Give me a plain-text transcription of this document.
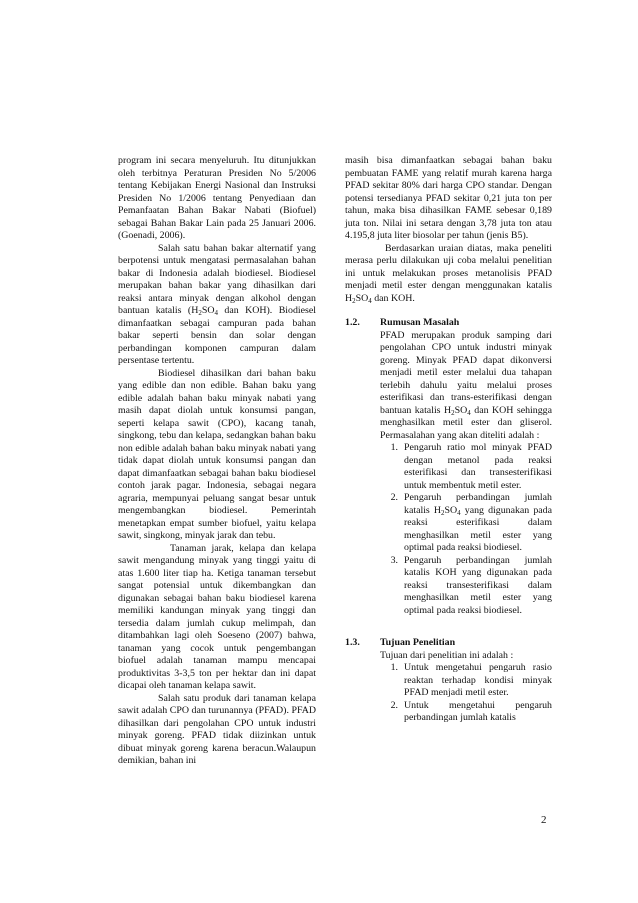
program ini secara menyeluruh. Itu ditunjukkan oleh terbitnya Peraturan Presiden No 5/2006 tentang Kebijakan Energi Nasional dan Instruksi Presiden No 1/2006 tentang Penyediaan dan Pemanfaatan Bahan Bakar Nabati (Biofuel) sebagai Bahan Bakar Lain pada 25 Januari 2006. (Goenadi, 2006).

Salah satu bahan bakar alternatif yang berpotensi untuk mengatasi permasalahan bahan bakar di Indonesia adalah biodiesel. Biodiesel merupakan bahan bakar yang dihasilkan dari reaksi antara minyak dengan alkohol dengan bantuan katalis ($H_2SO_4$ dan KOH). Biodiesel dimanfaatkan sebagai campuran pada bahan bakar seperti bensin dan solar dengan perbandingan komponen campuran dalam persentase tertentu.

Biodiesel dihasilkan dari bahan baku yang edible dan non edible. Bahan baku yang edible adalah bahan baku minyak nabati yang masih dapat diolah untuk konsumsi pangan, seperti kelapa sawit (CPO), kacang tanah, singkong, tebu dan kelapa, sedangkan bahan baku non edible adalah bahan baku minyak nabati yang tidak dapat diolah untuk konsumsi pangan dan dapat dimanfaatkan sebagai bahan baku biodiesel contoh jarak pagar. Indonesia, sebagai negara agraria, mempunyai peluang sangat besar untuk mengembangkan biodiesel. Pemerintah menetapkan empat sumber biofuel, yaitu kelapa sawit, singkong, minyak jarak dan tebu.

Tanaman jarak, kelapa dan kelapa sawit mengandung minyak yang tinggi yaitu di atas 1.600 liter tiap ha. Ketiga tanaman tersebut sangat potensial untuk dikembangkan dan digunakan sebagai bahan baku biodiesel karena memiliki kandungan minyak yang tinggi dan tersedia dalam jumlah cukup melimpah, dan ditambahkan lagi oleh Soeseno (2007) bahwa, tanaman yang cocok untuk pengembangan biofuel adalah tanaman mampu mencapai produktivitas 3-3,5 ton per hektar dan ini dapat dicapai oleh tanaman kelapa sawit.

Salah satu produk dari tanaman kelapa sawit adalah CPO dan turunannya (PFAD). PFAD dihasilkan dari pengolahan CPO untuk industri minyak goreng. PFAD tidak diizinkan untuk dibuat minyak goreng karena beracun.Walaupun demikian, bahan ini

masih bisa dimanfaatkan sebagai bahan baku pembuatan FAME yang relatif murah karena harga PFAD sekitar 80% dari harga CPO standar. Dengan potensi tersedianya PFAD sekitar 0,21 juta ton per tahun, maka bisa dihasilkan FAME sebesar 0,189 juta ton. Nilai ini setara dengan 3,78 juta ton atau 4.195,8 juta liter biosolar per tahun (jenis B5).

Berdasarkan uraian diatas, maka peneliti merasa perlu dilakukan uji coba melalui penelitian ini untuk melakukan proses metanolisis PFAD menjadi metil ester dengan menggunakan katalis $H_2SO_4$ dan KOH.

1.2.	Rumusan Masalah

PFAD merupakan produk samping dari pengolahan CPO untuk industri minyak goreng. Minyak PFAD dapat dikonversi menjadi metil ester melalui dua tahapan terlebih dahulu yaitu melalui proses esterifikasi dan trans-esterifikasi dengan bantuan katalis $H_2SO_4$ dan KOH sehingga menghasilkan metil ester dan gliserol. Permasalahan yang akan diteliti adalah :

1. Pengaruh ratio mol minyak PFAD dengan metanol pada reaksi esterifikasi dan transesterifikasi untuk membentuk metil ester.
2. Pengaruh perbandingan jumlah katalis $H_2SO_4$ yang digunakan pada reaksi esterifikasi dalam menghasilkan metil ester yang optimal pada reaksi biodiesel.
3. Pengaruh perbandingan jumlah katalis KOH yang digunakan pada reaksi transesterifikasi dalam menghasilkan metil ester yang optimal pada reaksi biodiesel.
1.3.	Tujuan Penelitian

Tujuan dari penelitian ini adalah :

1. Untuk mengetahui pengaruh rasio reaktan terhadap kondisi minyak PFAD menjadi metil ester.
2. Untuk mengetahui pengaruh perbandingan jumlah katalis
2
